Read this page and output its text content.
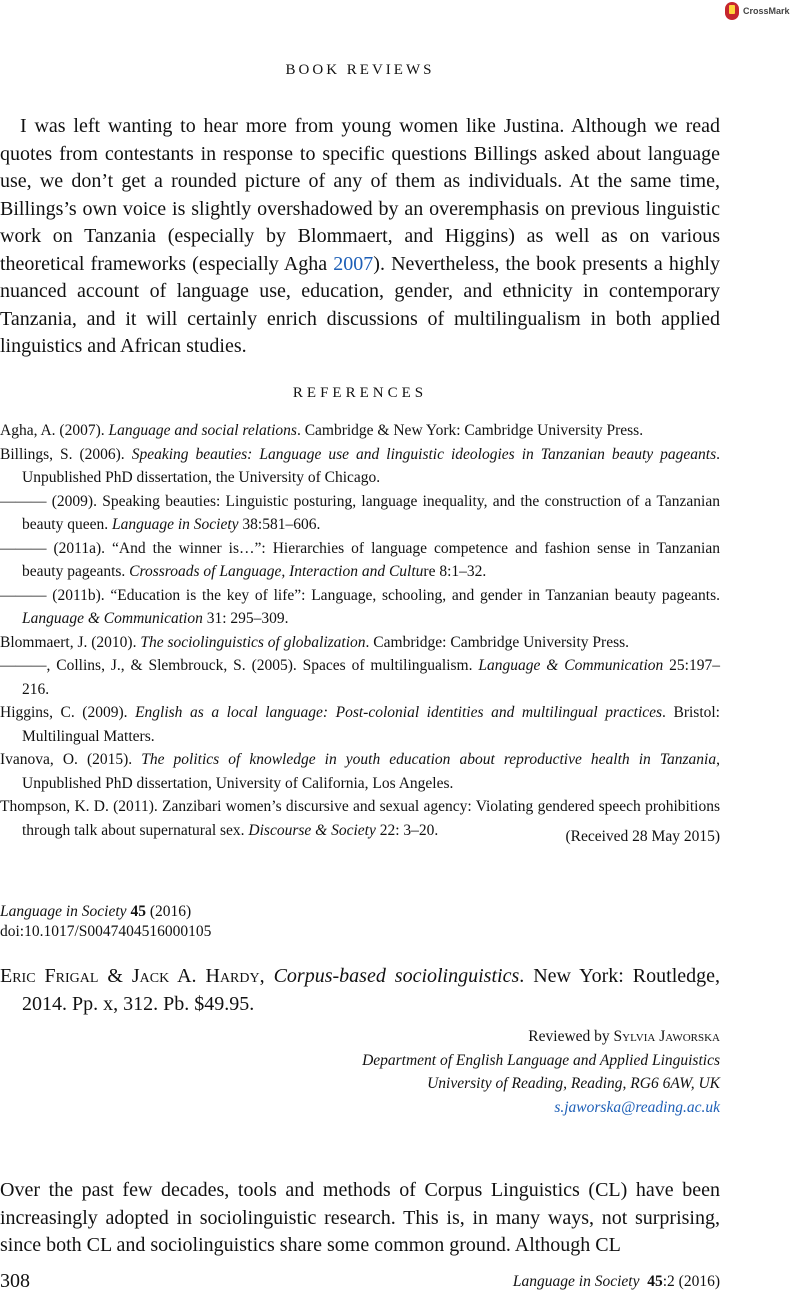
CrossMark
BOOK REVIEWS

I was left wanting to hear more from young women like Justina. Although we read quotes from contestants in response to specific questions Billings asked about language use, we don’t get a rounded picture of any of them as individuals. At the same time, Billings’s own voice is slightly overshadowed by an overemphasis on previous linguistic work on Tanzania (especially by Blommaert, and Higgins) as well as on various theoretical frameworks (especially Agha 2007). Nevertheless, the book presents a highly nuanced account of language use, education, gender, and ethnicity in contemporary Tanzania, and it will certainly enrich discussions of multilingualism in both applied linguistics and African studies.

REFERENCES
Agha, A. (2007). Language and social relations. Cambridge & New York: Cambridge University Press.
Billings, S. (2006). Speaking beauties: Language use and linguistic ideologies in Tanzanian beauty pageants. Unpublished PhD dissertation, the University of Chicago.
——— (2009). Speaking beauties: Linguistic posturing, language inequality, and the construction of a Tanzanian beauty queen. Language in Society 38:581–606.
——— (2011a). “And the winner is…”: Hierarchies of language competence and fashion sense in Tanzanian beauty pageants. Crossroads of Language, Interaction and Culture 8:1–32.
——— (2011b). “Education is the key of life”: Language, schooling, and gender in Tanzanian beauty pageants. Language & Communication 31: 295–309.
Blommaert, J. (2010). The sociolinguistics of globalization. Cambridge: Cambridge University Press.
———, Collins, J., & Slembrouck, S. (2005). Spaces of multilingualism. Language & Communication 25:197–216.
Higgins, C. (2009). English as a local language: Post-colonial identities and multilingual practices. Bristol: Multilingual Matters.
Ivanova, O. (2015). The politics of knowledge in youth education about reproductive health in Tanzania, Unpublished PhD dissertation, University of California, Los Angeles.
Thompson, K. D. (2011). Zanzibari women’s discursive and sexual agency: Violating gendered speech prohibitions through talk about supernatural sex. Discourse & Society 22: 3–20.	(Received 28 May 2015)
Language in Society 45 (2016)
doi:10.1017/S0047404516000105

Eric Frigal & Jack A. Hardy, Corpus-based sociolinguistics. New York: Routledge, 2014. Pp. x, 312. Pb. $49.95.

Reviewed by Sylvia Jaworska
Department of English Language and Applied Linguistics
University of Reading, Reading, RG6 6AW, UK
s.jaworska@reading.ac.uk

Over the past few decades, tools and methods of Corpus Linguistics (CL) have been increasingly adopted in sociolinguistic research. This is, in many ways, not surprising, since both CL and sociolinguistics share some common ground. Although CL

308	Language in Society 45:2 (2016)
